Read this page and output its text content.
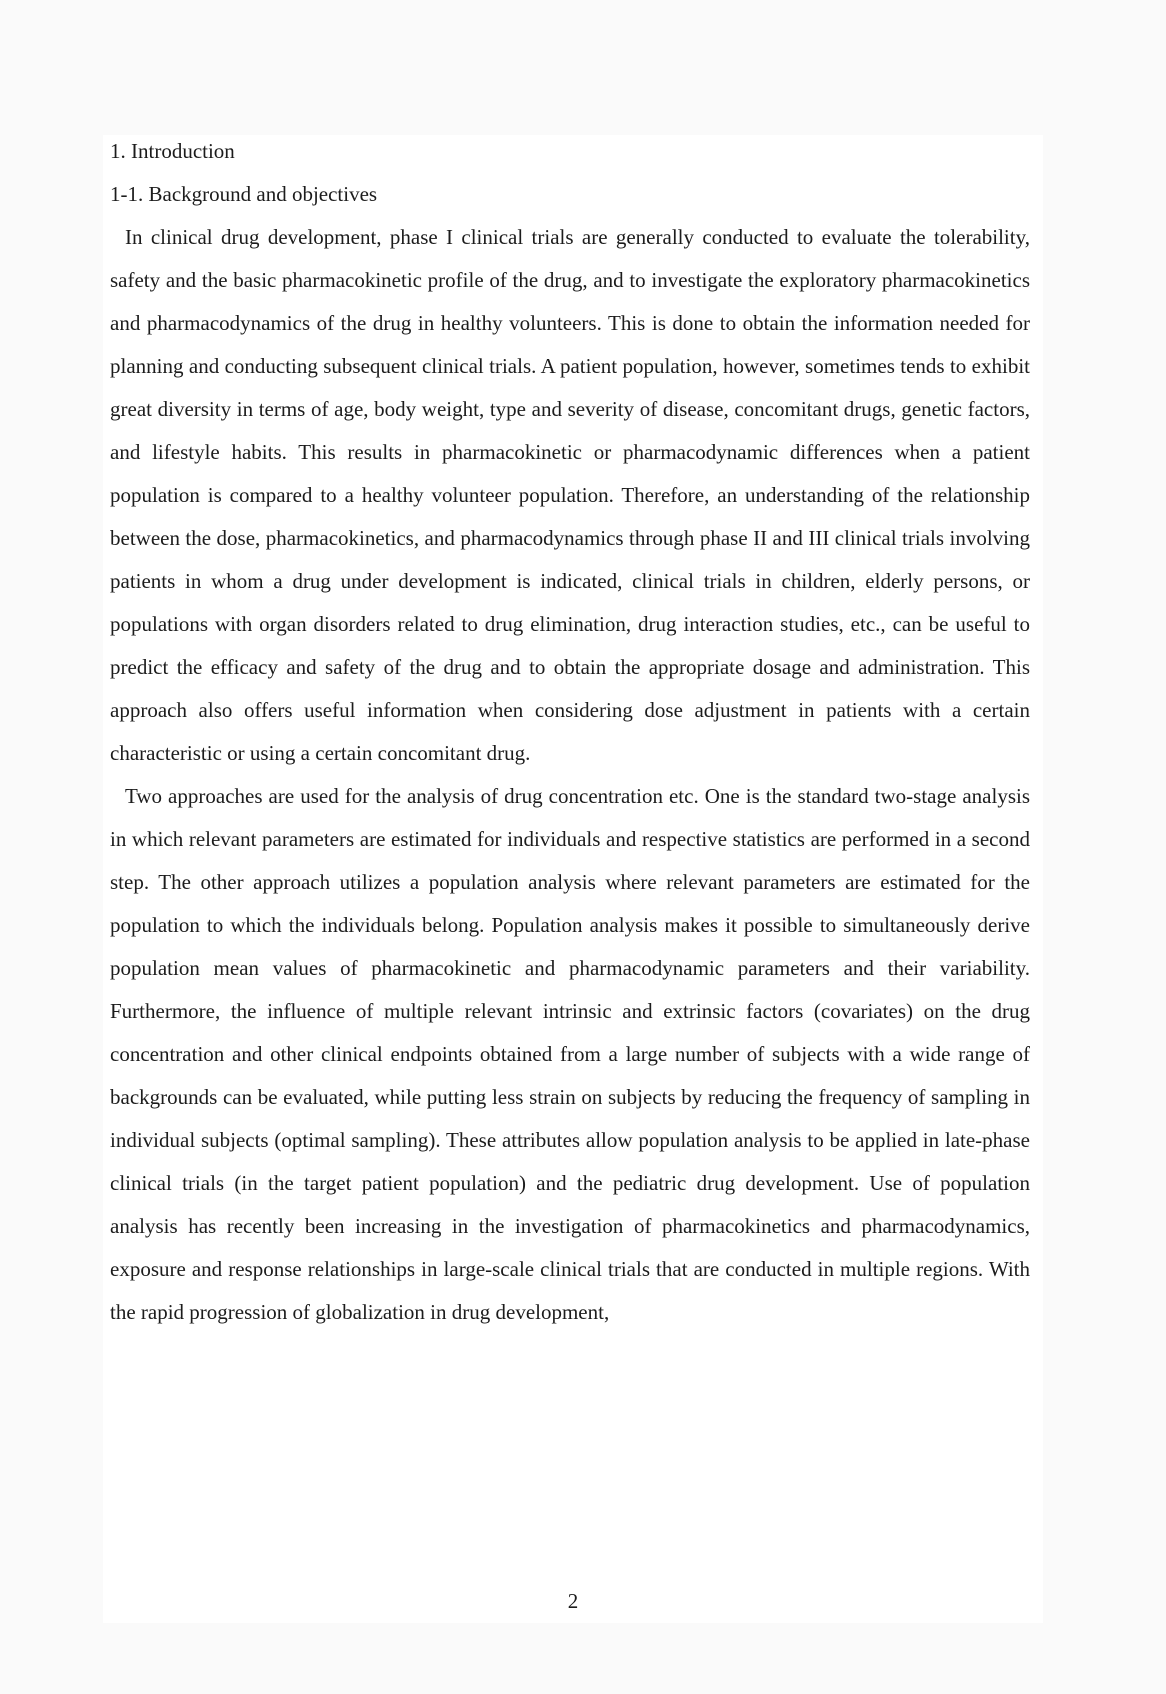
1. Introduction
1-1. Background and objectives

In clinical drug development, phase I clinical trials are generally conducted to evaluate the tolerability, safety and the basic pharmacokinetic profile of the drug, and to investigate the exploratory pharmacokinetics and pharmacodynamics of the drug in healthy volunteers. This is done to obtain the information needed for planning and conducting subsequent clinical trials. A patient population, however, sometimes tends to exhibit great diversity in terms of age, body weight, type and severity of disease, concomitant drugs, genetic factors, and lifestyle habits. This results in pharmacokinetic or pharmacodynamic differences when a patient population is compared to a healthy volunteer population. Therefore, an understanding of the relationship between the dose, pharmacokinetics, and pharmacodynamics through phase II and III clinical trials involving patients in whom a drug under development is indicated, clinical trials in children, elderly persons, or populations with organ disorders related to drug elimination, drug interaction studies, etc., can be useful to predict the efficacy and safety of the drug and to obtain the appropriate dosage and administration. This approach also offers useful information when considering dose adjustment in patients with a certain characteristic or using a certain concomitant drug.

Two approaches are used for the analysis of drug concentration etc. One is the standard two-stage analysis in which relevant parameters are estimated for individuals and respective statistics are performed in a second step. The other approach utilizes a population analysis where relevant parameters are estimated for the population to which the individuals belong. Population analysis makes it possible to simultaneously derive population mean values of pharmacokinetic and pharmacodynamic parameters and their variability. Furthermore, the influence of multiple relevant intrinsic and extrinsic factors (covariates) on the drug concentration and other clinical endpoints obtained from a large number of subjects with a wide range of backgrounds can be evaluated, while putting less strain on subjects by reducing the frequency of sampling in individual subjects (optimal sampling). These attributes allow population analysis to be applied in late-phase clinical trials (in the target patient population) and the pediatric drug development. Use of population analysis has recently been increasing in the investigation of pharmacokinetics and pharmacodynamics, exposure and response relationships in large-scale clinical trials that are conducted in multiple regions. With the rapid progression of globalization in drug development,

2
